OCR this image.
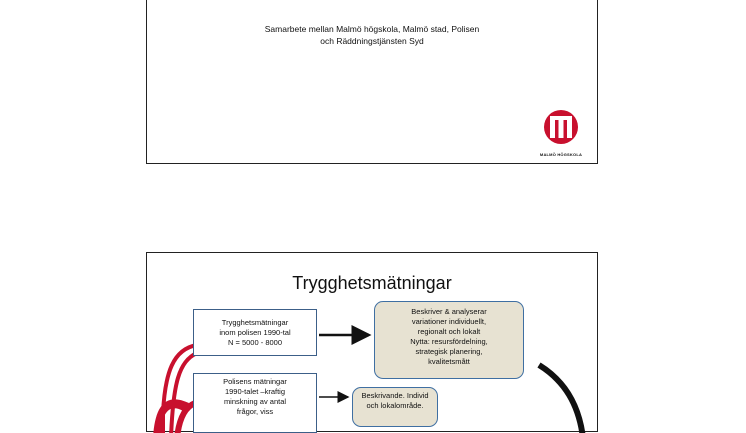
Samarbete mellan Malmö högskola, Malmö stad, Polisen
och Räddningstjänsten Syd
MALMÖ HÖGSKOLA
Trygghetsmätningar
Trygghetsmätningar
inom polisen 1990-tal
N = 5000 - 8000
Polisens mätningar
1990-talet –kraftig
minskning av antal
frågor, viss
Beskriver & analyserar
variationer individuellt,
regionalt och lokalt
Nytta: resursfördelning,
strategisk planering,
kvalitetsmått
Beskrivande. Individ
och lokalområde.
